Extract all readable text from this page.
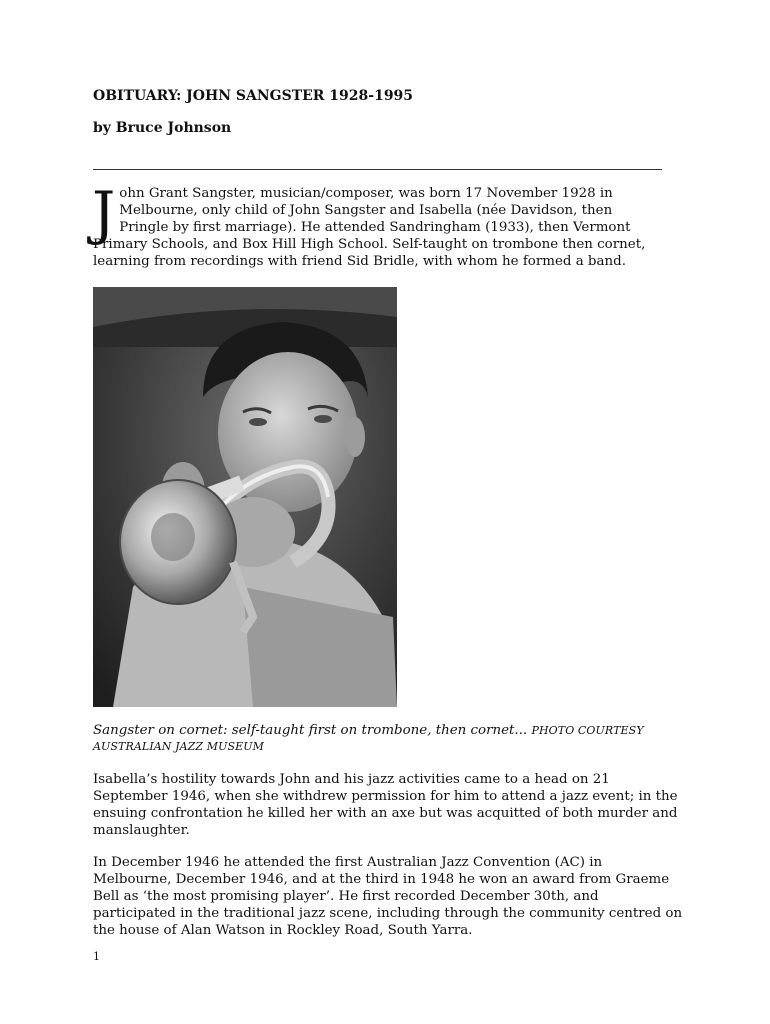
OBITUARY: JOHN SANGSTER 1928-1995
by Bruce Johnson
John Grant Sangster, musician/composer, was born 17 November 1928 in Melbourne, only child of John Sangster and Isabella (née Davidson, then Pringle by first marriage). He attended Sandringham (1933), then Vermont Primary Schools, and Box Hill High School. Self-taught on trombone then cornet, learning from recordings with friend Sid Bridle, with whom he formed a band.
Sangster on cornet: self-taught first on trombone, then cornet... PHOTO COURTESY AUSTRALIAN JAZZ MUSEUM
Isabella’s hostility towards John and his jazz activities came to a head on 21 September 1946, when she withdrew permission for him to attend a jazz event; in the ensuing confrontation he killed her with an axe but was acquitted of both murder and manslaughter.
In December 1946 he attended the first Australian Jazz Convention (AC) in Melbourne, December 1946, and at the third in 1948 he won an award from Graeme Bell as ‘the most promising player’. He first recorded December 30th, and participated in the traditional jazz scene, including through the community centred on the house of Alan Watson in Rockley Road, South Yarra.
1
